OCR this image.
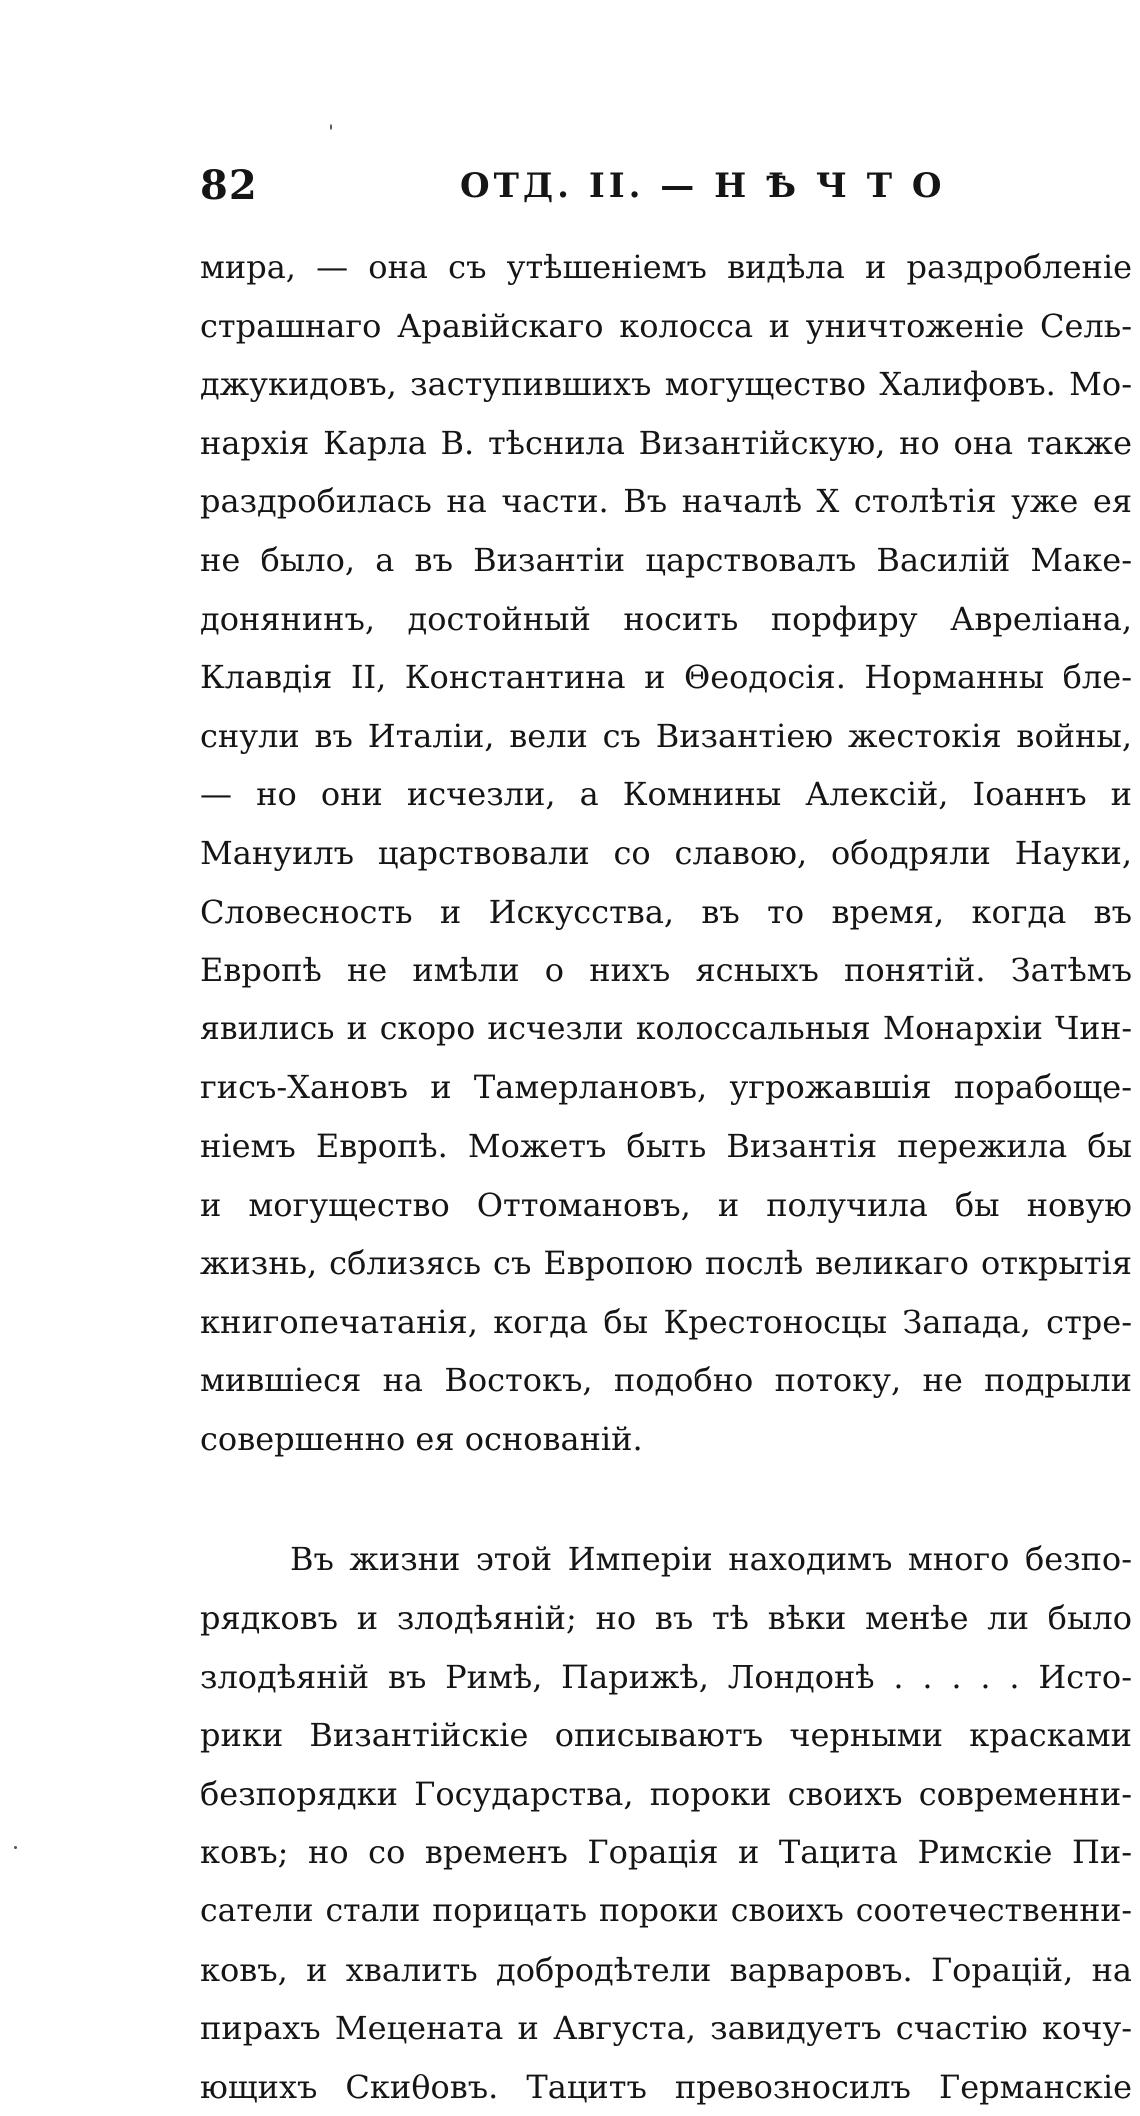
82	ОТД. II. — Н Ѣ Ч Т О
мира, — она съ утѣшеніемъ видѣла и раздробленіе
страшнаго Аравійскаго колосса и уничтоженіе Сель-
джукидовъ, заступившихъ могущество Халифовъ. Мо-
нархія Карла В. тѣснила Византійскую, но она также
раздробилась на части. Въ началѣ X столѣтія уже ея
не было, а въ Византіи царствовалъ Василій Маке-
донянинъ, достойный носить порфиру Авреліана,
Клавдія II, Константина и Θеодосія. Норманны бле-
снули въ Италіи, вели съ Византіею жестокія войны,
— но они исчезли, а Комнины Алексій, Іоаннъ и
Мануилъ царствовали со славою, ободряли Науки,
Словесность и Искусства, въ то время, когда въ
Европѣ не имѣли о нихъ ясныхъ понятій. Затѣмъ
явились и скоро исчезли колоссальныя Монархіи Чин-
гисъ-Хановъ и Тамерлановъ, угрожавшія порабоще-
ніемъ Европѣ. Можетъ быть Византія пережила бы
и могущество Оттомановъ, и получила бы новую
жизнь, сблизясь съ Европою послѣ великаго открытія
книгопечатанія, когда бы Крестоносцы Запада, стре-
мившіеся на Востокъ, подобно потоку, не подрыли
совершенно ея основаній.
Въ жизни этой Имперіи находимъ много безпо-
рядковъ и злодѣяній; но въ тѣ вѣки менѣе ли было
злодѣяній въ Римѣ, Парижѣ, Лондонѣ . . . . . Исто-
рики Византійскіе описываютъ черными красками
безпорядки Государства, пороки своихъ современни-
ковъ; но со временъ Горація и Тацита Римскіе Пи-
сатели стали порицать пороки своихъ соотечественни-
ковъ, и хвалить добродѣтели варваровъ. Горацій, на
пирахъ Мецената и Августа, завидуетъ счастію кочу-
ющихъ Скиθовъ. Тацитъ превозносилъ Германскіе
